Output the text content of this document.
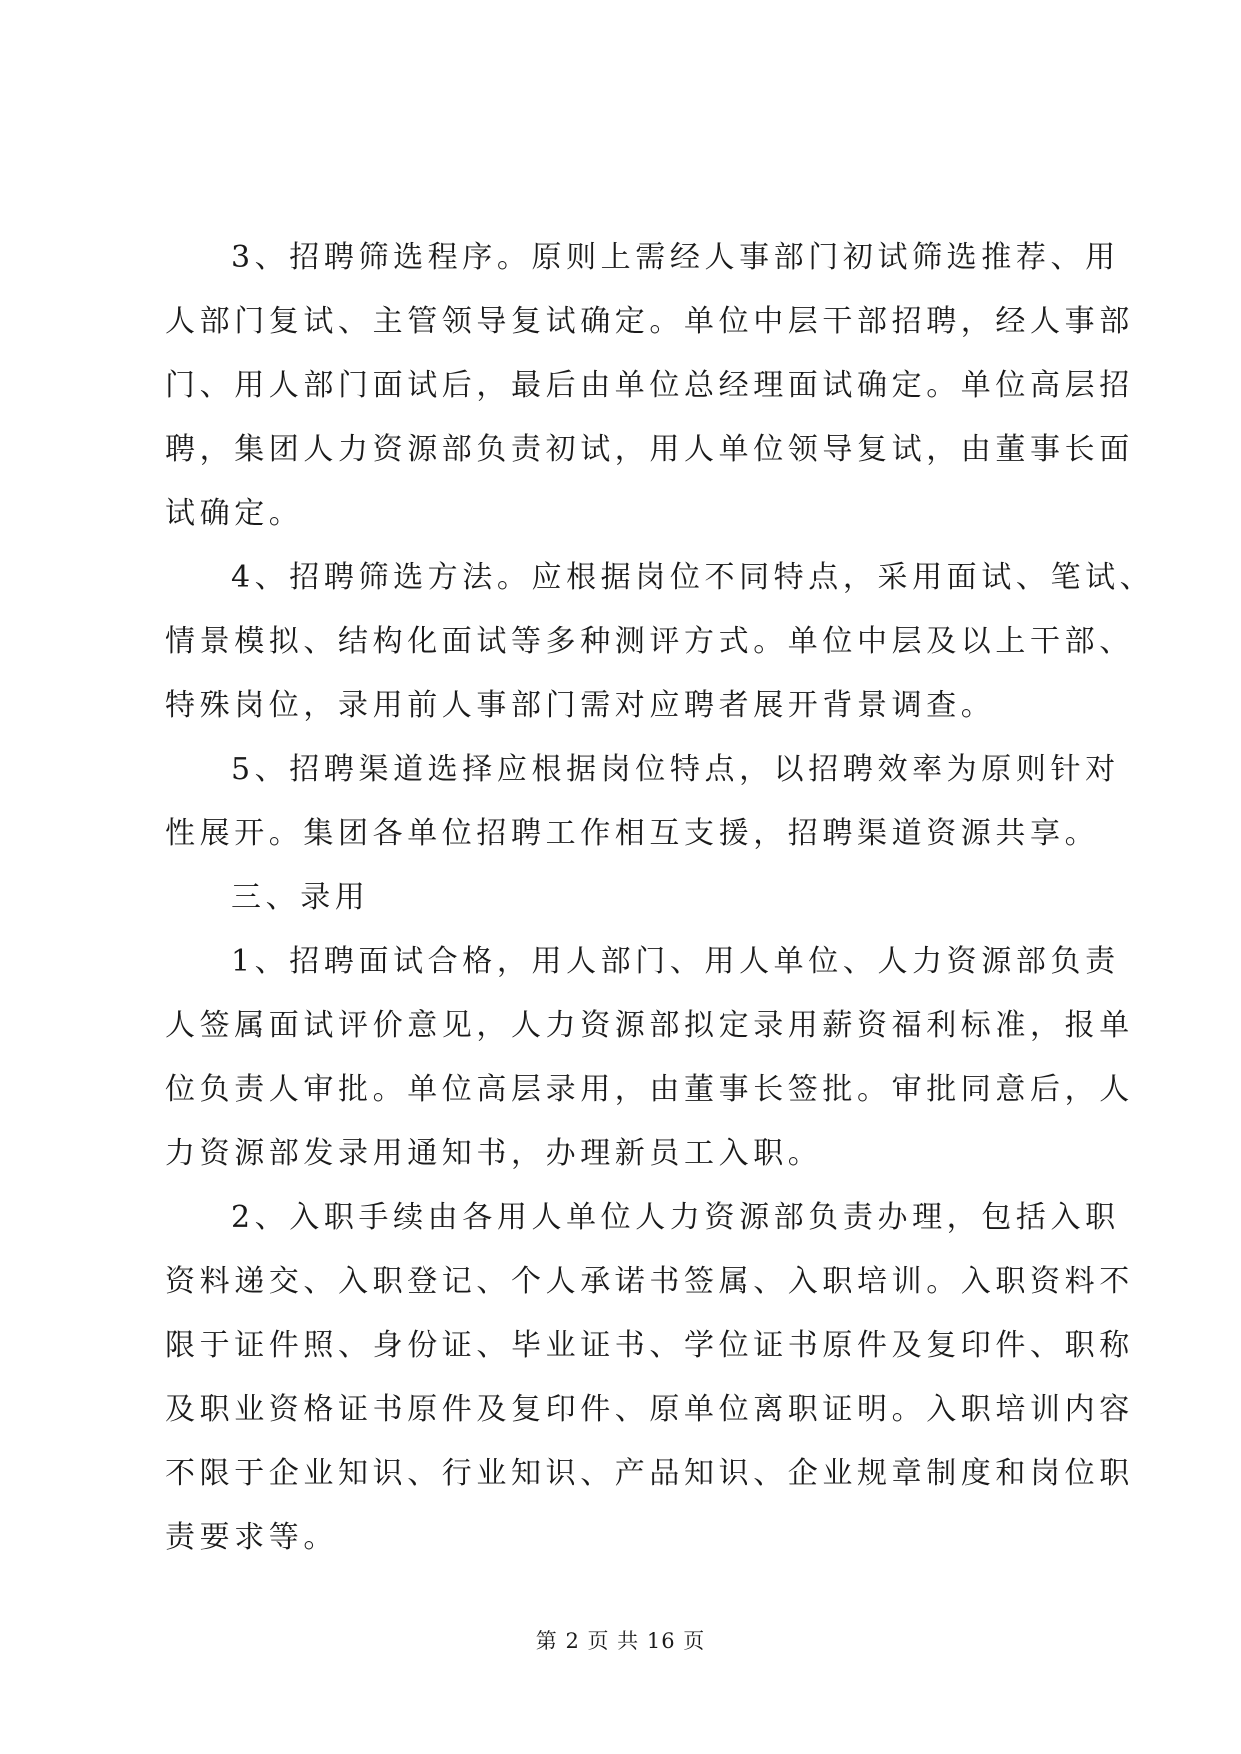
3、招聘筛选程序。原则上需经人事部门初试筛选推荐、用
人部门复试、主管领导复试确定。单位中层干部招聘，经人事部
门、用人部门面试后，最后由单位总经理面试确定。单位高层招
聘，集团人力资源部负责初试，用人单位领导复试，由董事长面
试确定。
4、招聘筛选方法。应根据岗位不同特点，采用面试、笔试、
情景模拟、结构化面试等多种测评方式。单位中层及以上干部、
特殊岗位，录用前人事部门需对应聘者展开背景调查。
5、招聘渠道选择应根据岗位特点，以招聘效率为原则针对
性展开。集团各单位招聘工作相互支援，招聘渠道资源共享。
三、录用
1、招聘面试合格，用人部门、用人单位、人力资源部负责
人签属面试评价意见，人力资源部拟定录用薪资福利标准，报单
位负责人审批。单位高层录用，由董事长签批。审批同意后，人
力资源部发录用通知书，办理新员工入职。
2、入职手续由各用人单位人力资源部负责办理，包括入职
资料递交、入职登记、个人承诺书签属、入职培训。入职资料不
限于证件照、身份证、毕业证书、学位证书原件及复印件、职称
及职业资格证书原件及复印件、原单位离职证明。入职培训内容
不限于企业知识、行业知识、产品知识、企业规章制度和岗位职
责要求等。
第 2 页 共 16 页
